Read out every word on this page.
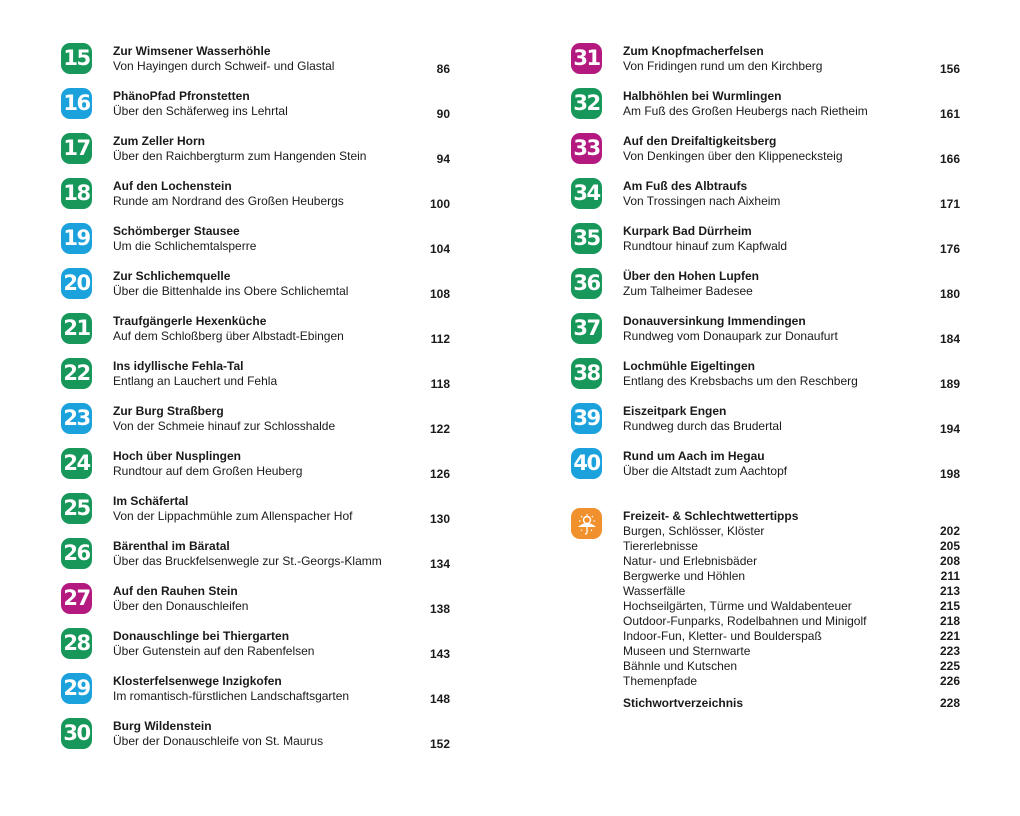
15 Zur Wimsener Wasserhöhle
Von Hayingen durch Schweif- und Glastal	86
16 PhänoPfad Pfronstetten
Über den Schäferweg ins Lehrtal	90
17 Zum Zeller Horn
Über den Raichbergturm zum Hangenden Stein	94
18 Auf den Lochenstein
Runde am Nordrand des Großen Heubergs	100
19 Schömberger Stausee
Um die Schlichemtalsperre	104
20 Zur Schlichemquelle
Über die Bittenhalde ins Obere Schlichemtal	108
21 Traufgängerle Hexenküche
Auf dem Schloßberg über Albstadt-Ebingen	112
22 Ins idyllische Fehla-Tal
Entlang an Lauchert und Fehla	118
23 Zur Burg Straßberg
Von der Schmeie hinauf zur Schlosshalde	122
24 Hoch über Nusplingen
Rundtour auf dem Großen Heuberg	126
25 Im Schäfertal
Von der Lippachmühle zum Allenspacher Hof	130
26 Bärenthal im Bäratal
Über das Bruckfelsenwegle zur St.-Georgs-Klamm	134
27 Auf den Rauhen Stein
Über den Donauschleifen	138
28 Donauschlinge bei Thiergarten
Über Gutenstein auf den Rabenfelsen	143
29 Klosterfelsenwege Inzigkofen
Im romantisch-fürstlichen Landschaftsgarten	148
30 Burg Wildenstein
Über der Donauschleife von St. Maurus	152
31 Zum Knopfmacherfelsen
Von Fridingen rund um den Kirchberg	156
32 Halbhöhlen bei Wurmlingen
Am Fuß des Großen Heubergs nach Rietheim	161
33 Auf den Dreifaltigkeitsberg
Von Denkingen über den Klippenecksteig	166
34 Am Fuß des Albtraufs
Von Trossingen nach Aixheim	171
35 Kurpark Bad Dürrheim
Rundtour hinauf zum Kapfwald	176
36 Über den Hohen Lupfen
Zum Talheimer Badesee	180
37 Donauversinkung Immendingen
Rundweg vom Donaupark zur Donaufurt	184
38 Lochmühle Eigeltingen
Entlang des Krebsbachs um den Reschberg	189
39 Eiszeitpark Engen
Rundweg durch das Brudertal	194
40 Rund um Aach im Hegau
Über die Altstadt zum Aachtopf	198
Freizeit- & Schlechtwettertipps
Burgen, Schlösser, Klöster	202
Tiererlebnisse	205
Natur- und Erlebnisbäder	208
Bergwerke und Höhlen	211
Wasserfälle	213
Hochseilgärten, Türme und Waldabenteuer	215
Outdoor-Funparks, Rodelbahnen und Minigolf	218
Indoor-Fun, Kletter- und Boulderspaß	221
Museen und Sternwarte	223
Bähnle und Kutschen	225
Themenpfade	226
Stichwortverzeichnis	228
